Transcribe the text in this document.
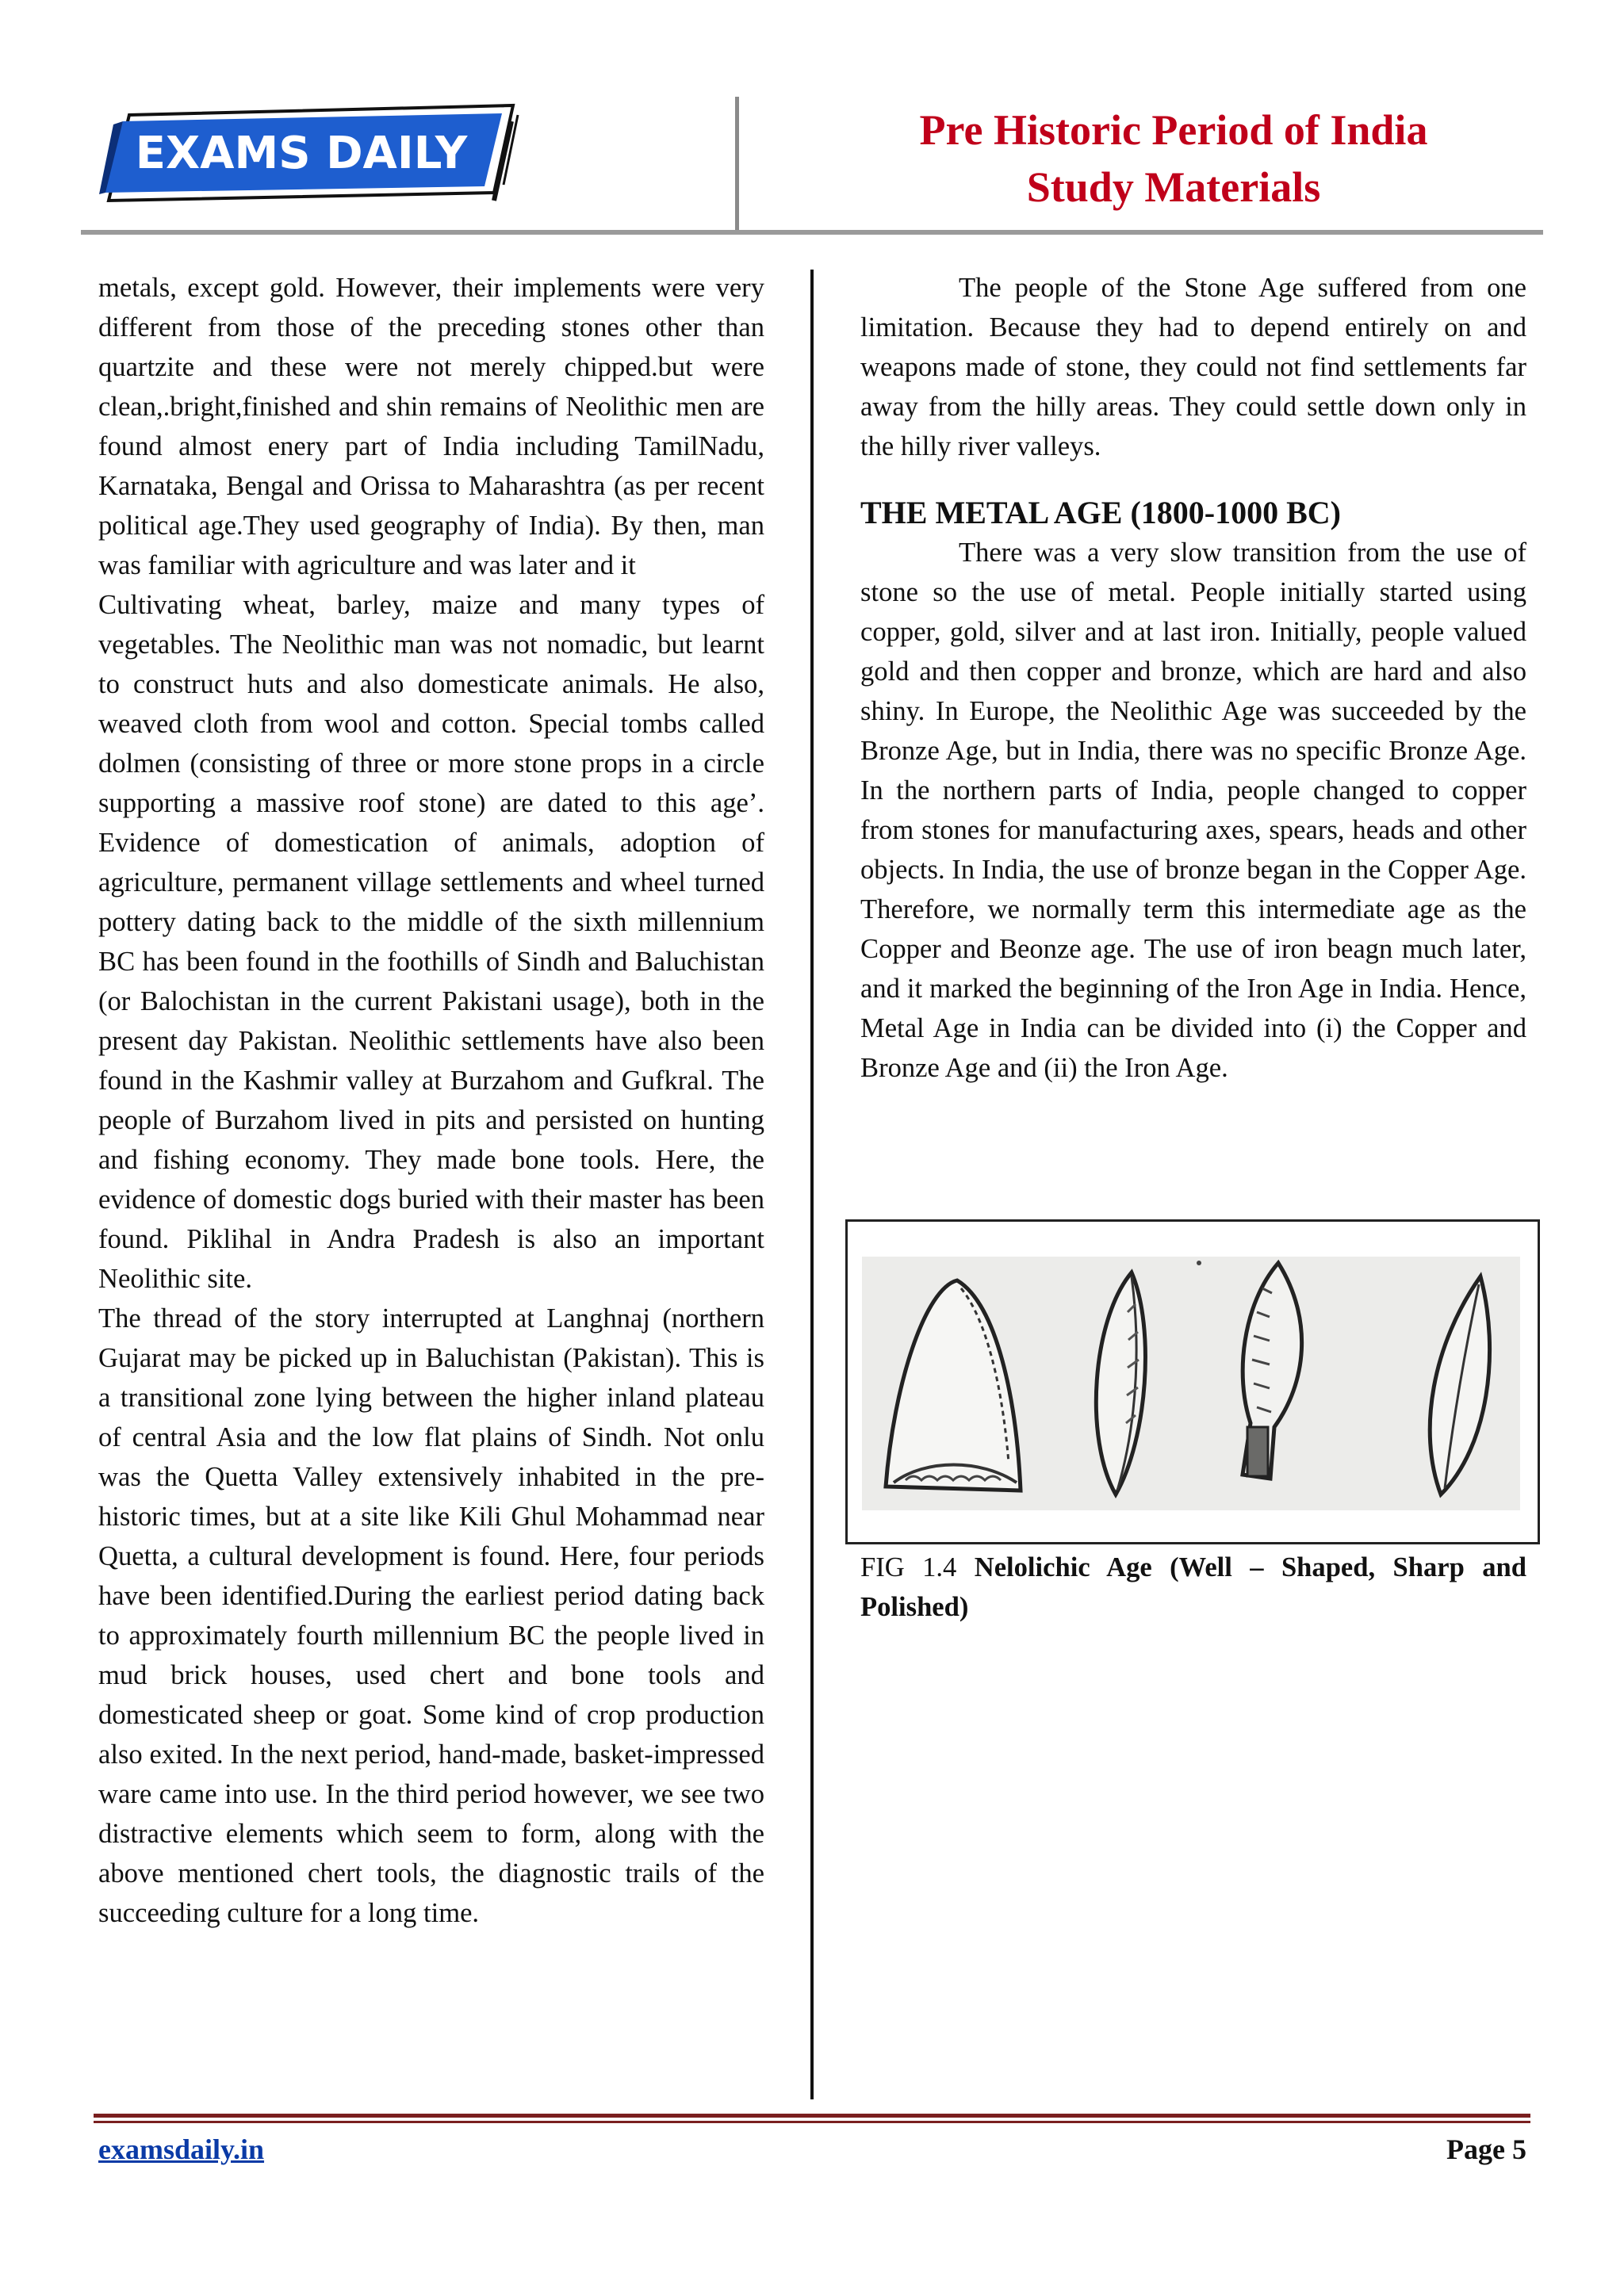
EXAMS DAILY	Pre Historic Period of India
Study Materials

metals, except gold. However, their implements were very different from those of the preceding stones other than quartzite and these were not merely chipped.but were clean,.bright,finished and shin remains of Neolithic men are found almost enery part of India including TamilNadu, Karnataka, Bengal and Orissa to Maharashtra (as per recent political age.They used geography of India). By then, man was familiar with agriculture and was later and it

Cultivating wheat, barley, maize and many types of vegetables. The Neolithic man was not nomadic, but learnt to construct huts and also domesticate animals. He also, weaved cloth from wool and cotton. Special tombs called dolmen (consisting of three or more stone props in a circle supporting a massive roof stone) are dated to this age’. Evidence of domestication of animals, adoption of agriculture, permanent village settlements and wheel turned pottery dating back to the middle of the sixth millennium BC has been found in the foothills of Sindh and Baluchistan (or Balochistan in the current Pakistani usage), both in the present day Pakistan. Neolithic settlements have also been found in the Kashmir valley at Burzahom and Gufkral. The people of Burzahom lived in pits and persisted on hunting and fishing economy. They made bone tools. Here, the evidence of domestic dogs buried with their master has been found. Piklihal in Andra Pradesh is also an important Neolithic site.

The thread of the story interrupted at Langhnaj (northern Gujarat may be picked up in Baluchistan (Pakistan). This is a transitional zone lying between the higher inland plateau of central Asia and the low flat plains of Sindh. Not onlu was the Quetta Valley extensively inhabited in the pre-historic times, but at a site like Kili Ghul Mohammad near Quetta, a cultural development is found. Here, four periods have been identified.During the earliest period dating back to approximately fourth millennium BC the people lived in mud brick houses, used chert and bone tools and domesticated sheep or goat. Some kind of crop production also exited. In the next period, hand-made, basket-impressed ware came into use. In the third period however, we see two distractive elements which seem to form, along with the above mentioned chert tools, the diagnostic trails of the succeeding culture for a long time.

The people of the Stone Age suffered from one limitation. Because they had to depend entirely on and weapons made of stone, they could not find settlements far away from the hilly areas. They could settle down only in the hilly river valleys.

THE METAL AGE (1800-1000 BC)

There was a very slow transition from the use of stone so the use of metal. People initially started using copper, gold, silver and at last iron. Initially, people valued gold and then copper and bronze, which are hard and also shiny. In Europe, the Neolithic Age was succeeded by the Bronze Age, but in India, there was no specific Bronze Age. In the northern parts of India, people changed to copper from stones for manufacturing axes, spears, heads and other objects. In India, the use of bronze began in the Copper Age. Therefore, we normally term this intermediate age as the Copper and Beonze age. The use of iron beagn much later, and it marked the beginning of the Iron Age in India. Hence, Metal Age in India can be divided into (i) the Copper and Bronze Age and (ii) the Iron Age.

FIG 1.4 Nelolichic Age (Well – Shaped, Sharp and Polished)
examsdaily.in	Page 5
